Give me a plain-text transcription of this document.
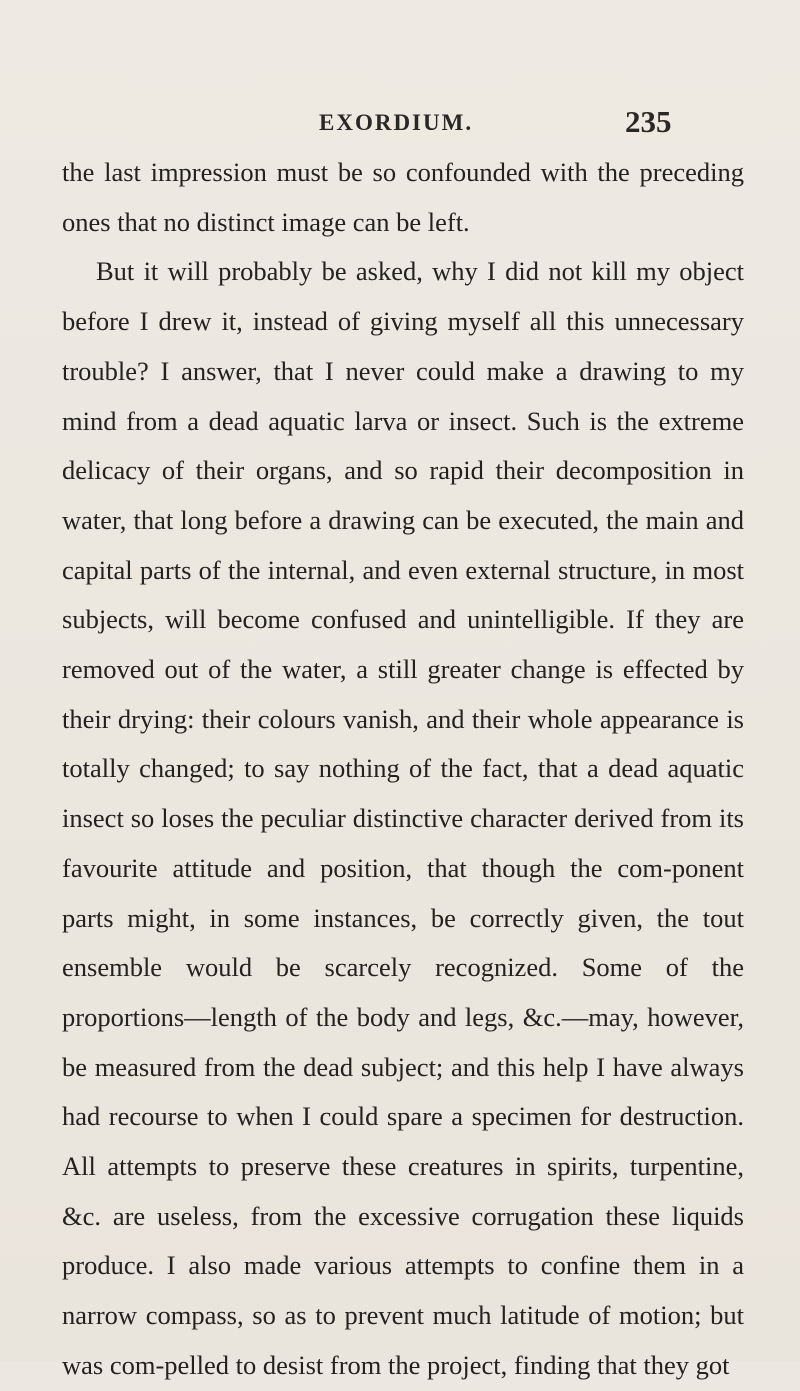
EXORDIUM.	235

the last impression must be so confounded with the preceding ones that no distinct image can be left.

But it will probably be asked, why I did not kill my object before I drew it, instead of giving myself all this unnecessary trouble? I answer, that I never could make a drawing to my mind from a dead aquatic larva or insect. Such is the extreme delicacy of their organs, and so rapid their decomposition in water, that long before a drawing can be executed, the main and capital parts of the internal, and even external structure, in most subjects, will become confused and unintelligible. If they are removed out of the water, a still greater change is effected by their drying: their colours vanish, and their whole appearance is totally changed; to say nothing of the fact, that a dead aquatic insect so loses the peculiar distinctive character derived from its favourite attitude and position, that though the com-ponent parts might, in some instances, be correctly given, the tout ensemble would be scarcely recognized. Some of the proportions—length of the body and legs, &c.—may, however, be measured from the dead subject; and this help I have always had recourse to when I could spare a specimen for destruction. All attempts to preserve these creatures in spirits, turpentine, &c. are useless, from the excessive corrugation these liquids produce. I also made various attempts to confine them in a narrow compass, so as to prevent much latitude of motion; but was com-pelled to desist from the project, finding that they got
